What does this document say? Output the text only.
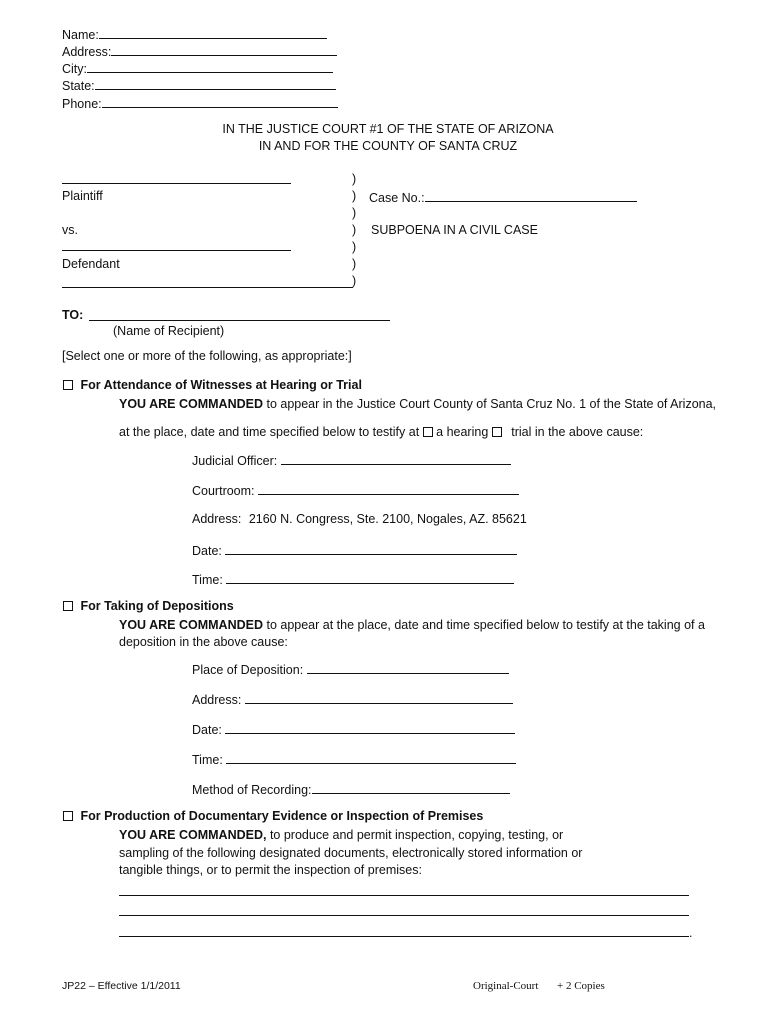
Name:
Address:
City:
State:
Phone:
IN THE JUSTICE COURT #1 OF THE STATE OF ARIZONA
IN AND FOR THE COUNTY OF SANTA CRUZ
Plaintiff
vs.
Defendant
)
)
)
)
)
)
)
Case No.:
SUBPOENA IN A CIVIL CASE
TO:
(Name of Recipient)
[Select one or more of the following, as appropriate:]
For Attendance of Witnesses at Hearing or Trial
YOU ARE COMMANDED to appear in the Justice Court County of Santa Cruz No. 1 of the State of Arizona,
at the place, date and time specified below to testify at a hearing trial in the above cause:
Judicial Officer:
Courtroom:
Address: 2160 N. Congress, Ste. 2100, Nogales, AZ. 85621
Date:
Time:
For Taking of Depositions
YOU ARE COMMANDED to appear at the place, date and time specified below to testify at the taking of a
deposition in the above cause:
Place of Deposition:
Address:
Date:
Time:
Method of Recording:
For Production of Documentary Evidence or Inspection of Premises
YOU ARE COMMANDED, to produce and permit inspection, copying, testing, or
sampling of the following designated documents, electronically stored information or
tangible things, or to permit the inspection of premises:
.
JP22 – Effective 1/1/2011	Original-Court + 2 Copies
